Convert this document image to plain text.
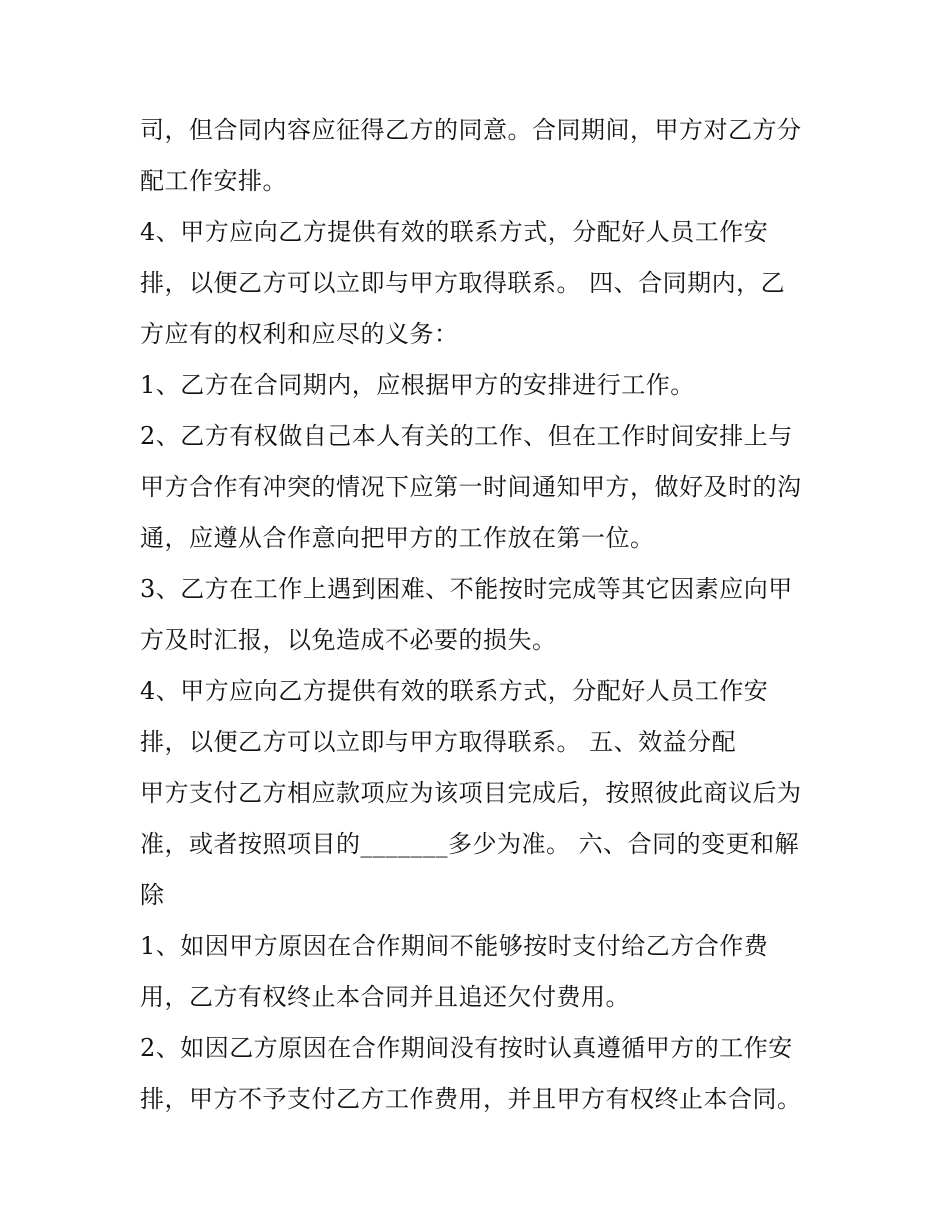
司，但合同内容应征得乙方的同意。合同期间，甲方对乙方分
配工作安排。
4、甲方应向乙方提供有效的联系方式，分配好人员工作安
排，以便乙方可以立即与甲方取得联系。 四、合同期内，乙
方应有的权利和应尽的义务：
1、乙方在合同期内，应根据甲方的安排进行工作。
2、乙方有权做自己本人有关的工作、但在工作时间安排上与
甲方合作有冲突的情况下应第一时间通知甲方，做好及时的沟
通，应遵从合作意向把甲方的工作放在第一位。
3、乙方在工作上遇到困难、不能按时完成等其它因素应向甲
方及时汇报，以免造成不必要的损失。
4、甲方应向乙方提供有效的联系方式，分配好人员工作安
排，以便乙方可以立即与甲方取得联系。 五、效益分配
甲方支付乙方相应款项应为该项目完成后，按照彼此商议后为
准，或者按照项目的_______多少为准。 六、合同的变更和解
除
1、如因甲方原因在合作期间不能够按时支付给乙方合作费
用，乙方有权终止本合同并且追还欠付费用。
2、如因乙方原因在合作期间没有按时认真遵循甲方的工作安
排，甲方不予支付乙方工作费用，并且甲方有权终止本合同。
